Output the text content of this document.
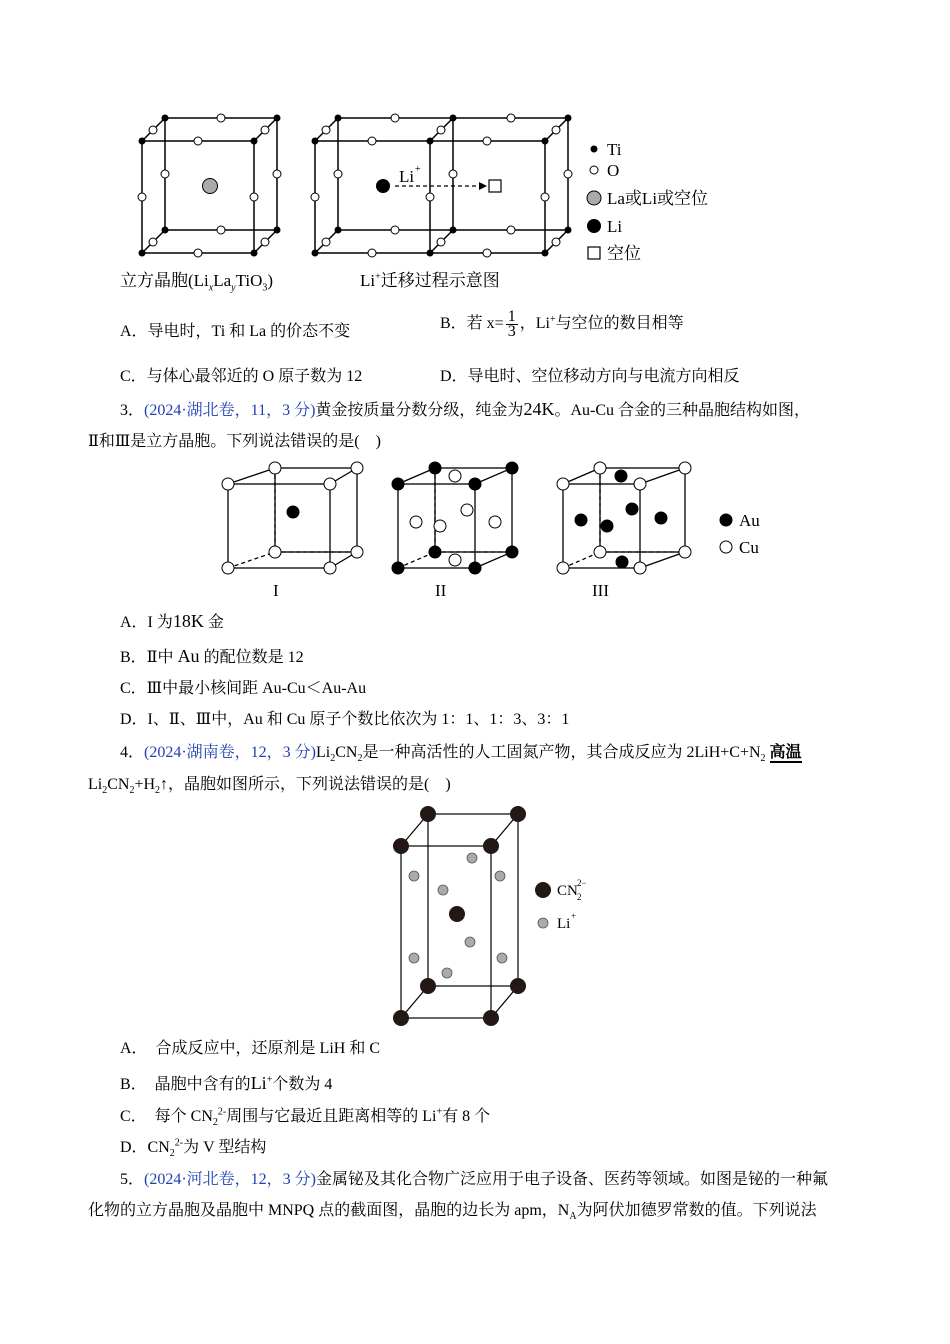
Li +
Ti
O
La或Li或空位
Li
空位
立方晶胞$(Li_xLa_yTiO_3)$	Li+迁移过程示意图
A．导电时，Ti 和 La 的价态不变	B．若 $x= \frac{1}{3}$ ，Li+与空位的数目相等
C．与体心最邻近的 O 原子数为 12	D．导电时、空位移动方向与电流方向相反
3．(2024·湖北卷，11，3 分)黄金按质量分数分级，纯金为24K。Au-Cu 合金的三种晶胞结构如图，
Ⅱ和Ⅲ是立方晶胞。下列说法错误的是(　)
I	II	III
Au
Cu
A．I 为18K 金
B．Ⅱ中 Au 的配位数是 12
C．Ⅲ中最小核间距 Au-Cu＜Au-Au
D．I、Ⅱ、Ⅲ中，Au 和 Cu 原子个数比依次为 1：1、1：3、3：1
4．(2024·湖南卷，12，3 分)$Li_2CN_2$是一种高活性的人工固氮产物，其合成反应为 $2LiH+C+N_2$ 高温
$Li_2CN_2+H_2↑$，晶胞如图所示，下列说法错误的是(　)
CN 2
2−
Li +
A．　合成反应中，还原剂是 LiH 和 C
B．　晶胞中含有的Li+个数为 4
C．　每个 $CN_2^{2-}$周围与它最近且距离相等的 Li+有 8 个
D．$CN_2^{2-}$为 V 型结构
5．(2024·河北卷，12，3 分)金属铋及其化合物广泛应用于电子设备、医药等领域。如图是铋的一种氟
化物的立方晶胞及晶胞中 MNPQ 点的截面图，晶胞的边长为 apm，$N_A$为阿伏加德罗常数的值。下列说法
